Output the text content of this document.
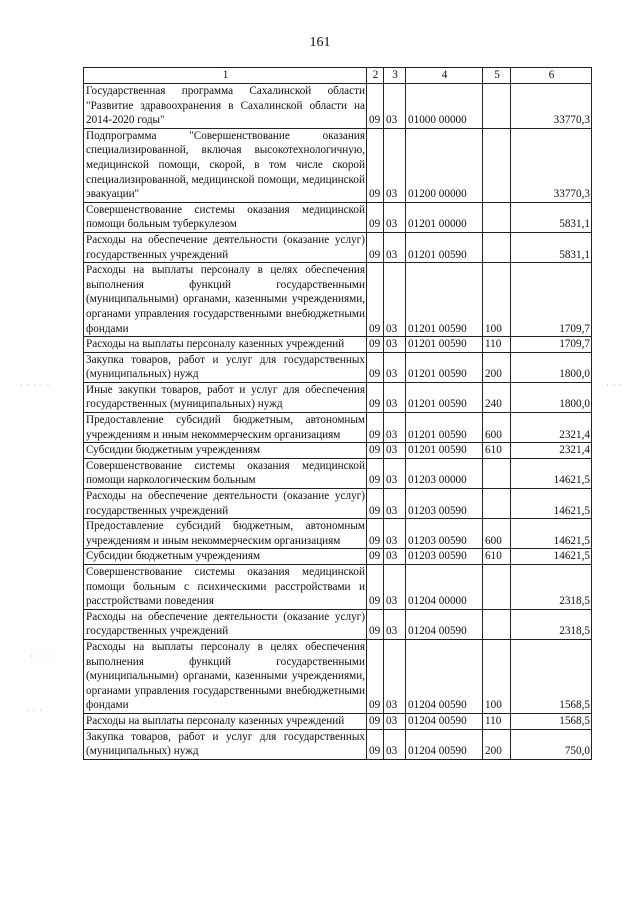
161
· · · · ·	· · ·
· · · ·
· · ·
1	2	3	4	5	6
Государственная программа Сахалинской области "Развитие здравоохранения в Сахалинской области на 2014-2020 годы"	09	03	01000 00000		33770,3
Подпрограмма "Совершенствование оказания специализированной, включая высокотехнологичную, медицинской помощи, скорой, в том числе скорой специализированной, медицинской помощи, медицинской эвакуации"	09	03	01200 00000		33770,3
Совершенствование системы оказания медицинской помощи больным туберкулезом	09	03	01201 00000		5831,1
Расходы на обеспечение деятельности (оказание услуг) государственных учреждений	09	03	01201 00590		5831,1
Расходы на выплаты персоналу в целях обеспечения выполнения функций государственными (муниципальными) органами, казенными учреждениями, органами управления государственными внебюджетными фондами	09	03	01201 00590	100	1709,7
Расходы на выплаты персоналу казенных учреждений	09	03	01201 00590	110	1709,7
Закупка товаров, работ и услуг для государственных (муниципальных) нужд	09	03	01201 00590	200	1800,0
Иные закупки товаров, работ и услуг для обеспечения государственных (муниципальных) нужд	09	03	01201 00590	240	1800,0
Предоставление субсидий бюджетным, автономным учреждениям и иным некоммерческим организациям	09	03	01201 00590	600	2321,4
Субсидии бюджетным учреждениям	09	03	01201 00590	610	2321,4
Совершенствование системы оказания медицинской помощи наркологическим больным	09	03	01203 00000		14621,5
Расходы на обеспечение деятельности (оказание услуг) государственных учреждений	09	03	01203 00590		14621,5
Предоставление субсидий бюджетным, автономным учреждениям и иным некоммерческим организациям	09	03	01203 00590	600	14621,5
Субсидии бюджетным учреждениям	09	03	01203 00590	610	14621,5
Совершенствование системы оказания медицинской помощи больным с психическими расстройствами и расстройствами поведения	09	03	01204 00000		2318,5
Расходы на обеспечение деятельности (оказание услуг) государственных учреждений	09	03	01204 00590		2318,5
Расходы на выплаты персоналу в целях обеспечения выполнения функций государственными (муниципальными) органами, казенными учреждениями, органами управления государственными внебюджетными фондами	09	03	01204 00590	100	1568,5
Расходы на выплаты персоналу казенных учреждений	09	03	01204 00590	110	1568,5
Закупка товаров, работ и услуг для государственных (муниципальных) нужд	09	03	01204 00590	200	750,0
